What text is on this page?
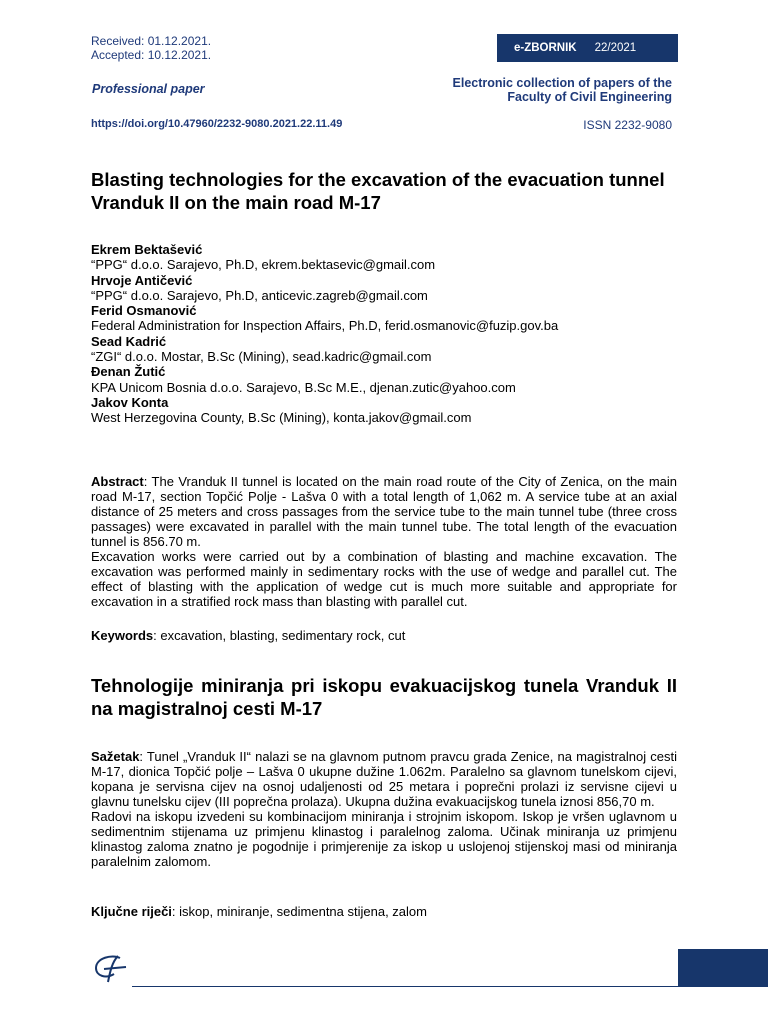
Received: 01.12.2021.
Accepted: 10.12.2021.	e-ZBORNIK 22/2021
Professional paper	Electronic collection of papers of the
Faculty of Civil Engineering
https://doi.org/10.47960/2232-9080.2021.22.11.49	ISSN 2232-9080
Blasting technologies for the excavation of the evacuation tunnel Vranduk II on the main road M-17
Ekrem Bektašević
“PPG“ d.o.o. Sarajevo, Ph.D, ekrem.bektasevic@gmail.com
Hrvoje Antičević
“PPG“ d.o.o. Sarajevo, Ph.D, anticevic.zagreb@gmail.com
Ferid Osmanović
Federal Administration for Inspection Affairs, Ph.D, ferid.osmanovic@fuzip.gov.ba
Sead Kadrić
“ZGI“ d.o.o. Mostar, B.Sc (Mining), sead.kadric@gmail.com
Đenan Žutić
KPA Unicom Bosnia d.o.o. Sarajevo, B.Sc M.E., djenan.zutic@yahoo.com
Jakov Konta
West Herzegovina County, B.Sc (Mining), konta.jakov@gmail.com

Abstract: The Vranduk II tunnel is located on the main road route of the City of Zenica, on the main road M-17, section Topčić Polje - Lašva 0 with a total length of 1,062 m. A service tube at an axial distance of 25 meters and cross passages from the service tube to the main tunnel tube (three cross passages) were excavated in parallel with the main tunnel tube. The total length of the evacuation tunnel is 856.70 m.

Excavation works were carried out by a combination of blasting and machine excavation. The excavation was performed mainly in sedimentary rocks with the use of wedge and parallel cut. The effect of blasting with the application of wedge cut is much more suitable and appropriate for excavation in a stratified rock mass than blasting with parallel cut.

Keywords: excavation, blasting, sedimentary rock, cut

Tehnologije miniranja pri iskopu evakuacijskog tunela Vranduk II na magistralnoj cesti M-17

Sažetak: Tunel „Vranduk II“ nalazi se na glavnom putnom pravcu grada Zenice, na magistralnoj cesti M-17, dionica Topčić polje – Lašva 0 ukupne dužine 1.062m. Paralelno sa glavnom tunelskom cijevi, kopana je servisna cijev na osnoj udaljenosti od 25 metara i poprečni prolazi iz servisne cijevi u glavnu tunelsku cijev (III poprečna prolaza). Ukupna dužina evakuacijskog tunela iznosi 856,70 m.

Radovi na iskopu izvedeni su kombinacijom miniranja i strojnim iskopom. Iskop je vršen uglavnom u sedimentnim stijenama uz primjenu klinastog i paralelnog zaloma. Učinak miniranja uz primjenu klinastog zaloma znatno je pogodnije i primjerenije za iskop u uslojenoj stijenskoj masi od miniranja paralelnim zalomom.

Ključne riječi: iskop, miniranje, sedimentna stijena, zalom
